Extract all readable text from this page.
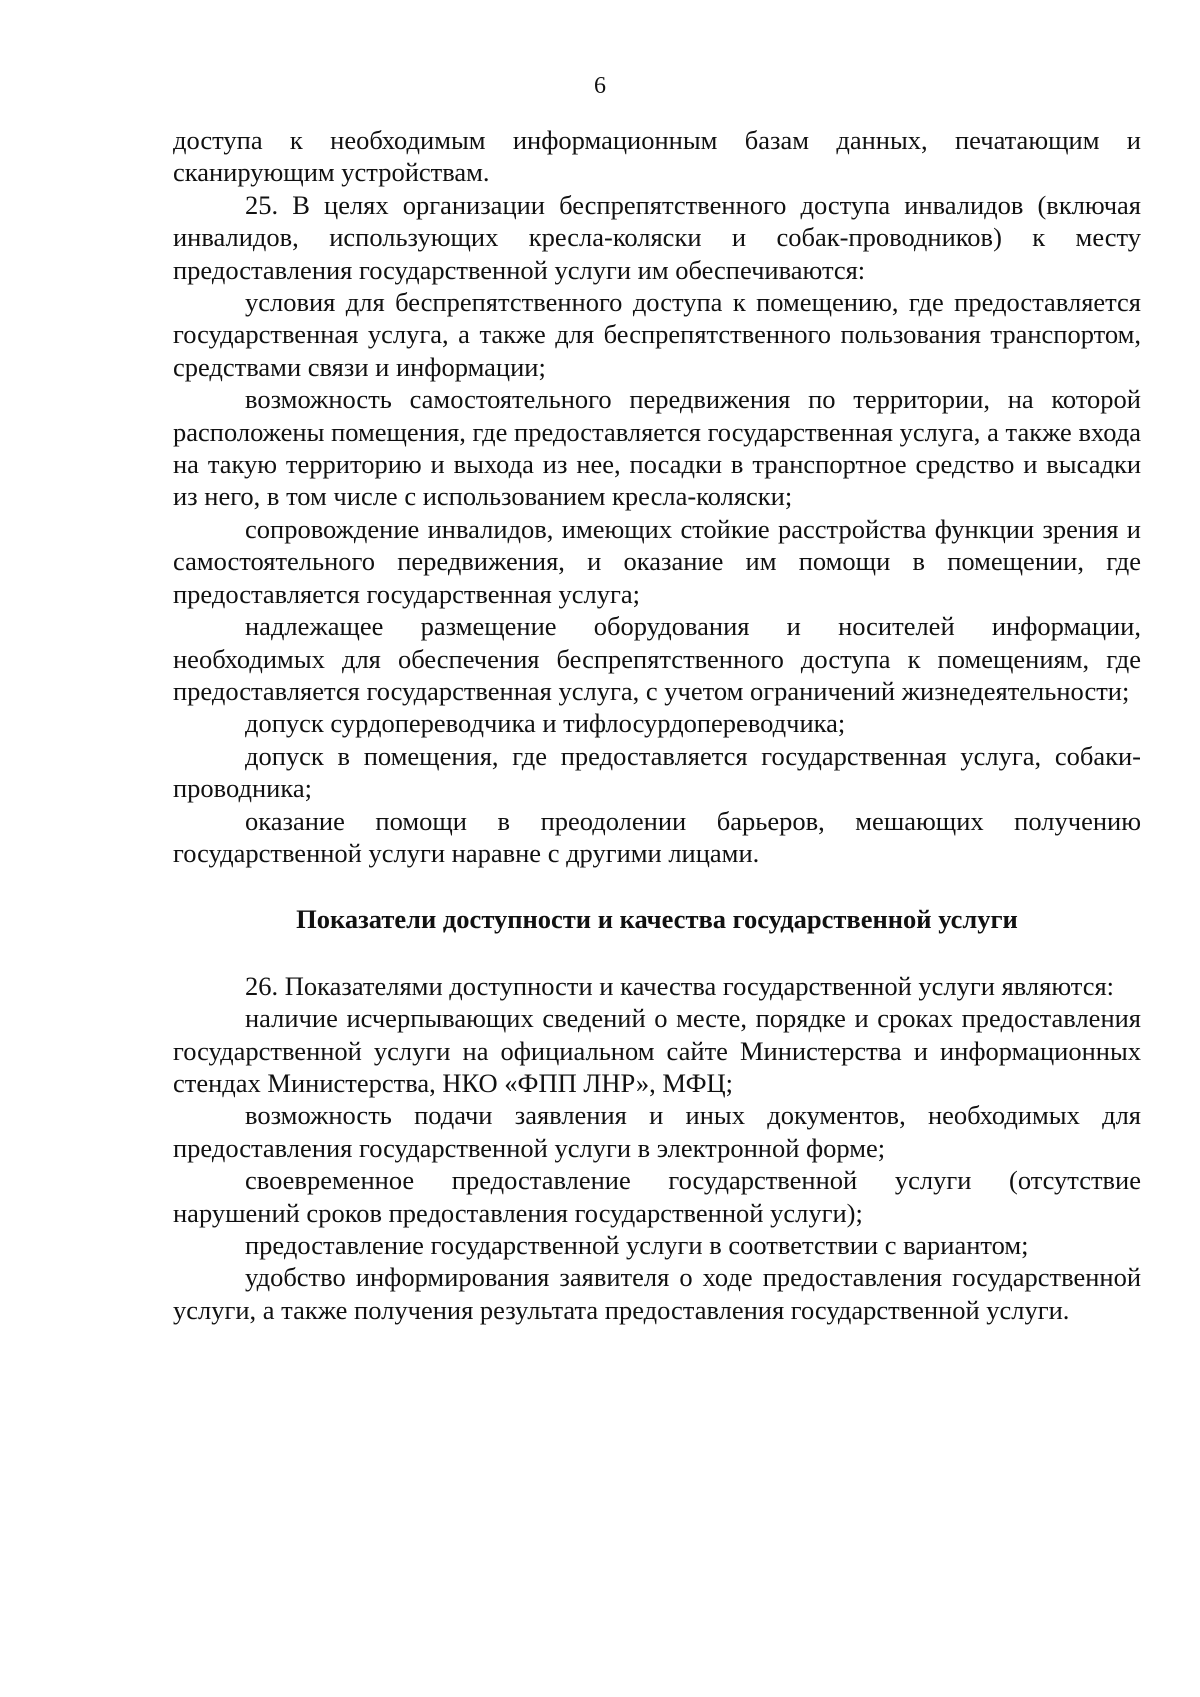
6

доступа к необходимым информационным базам данных, печатающим и сканирующим устройствам.

25. В целях организации беспрепятственного доступа инвалидов (включая инвалидов, использующих кресла-коляски и собак-проводников) к месту предоставления государственной услуги им обеспечиваются:

условия для беспрепятственного доступа к помещению, где предоставляется государственная услуга, а также для беспрепятственного пользования транспортом, средствами связи и информации;

возможность самостоятельного передвижения по территории, на которой расположены помещения, где предоставляется государственная услуга, а также входа на такую территорию и выхода из нее, посадки в транспортное средство и высадки из него, в том числе с использованием кресла-коляски;

сопровождение инвалидов, имеющих стойкие расстройства функции зрения и самостоятельного передвижения, и оказание им помощи в помещении, где предоставляется государственная услуга;

надлежащее размещение оборудования и носителей информации, необходимых для обеспечения беспрепятственного доступа к помещениям, где предоставляется государственная услуга, с учетом ограничений жизнедеятельности;

допуск сурдопереводчика и тифлосурдопереводчика;

допуск в помещения, где предоставляется государственная услуга, собаки-проводника;

оказание помощи в преодолении барьеров, мешающих получению государственной услуги наравне с другими лицами.

Показатели доступности и качества государственной услуги

26. Показателями доступности и качества государственной услуги являются:

наличие исчерпывающих сведений о месте, порядке и сроках предоставления государственной услуги на официальном сайте Министерства и информационных стендах Министерства, НКО «ФПП ЛНР», МФЦ;

возможность подачи заявления и иных документов, необходимых для предоставления государственной услуги в электронной форме;

своевременное предоставление государственной услуги (отсутствие нарушений сроков предоставления государственной услуги);

предоставление государственной услуги в соответствии с вариантом;

удобство информирования заявителя о ходе предоставления государственной услуги, а также получения результата предоставления государственной услуги.
